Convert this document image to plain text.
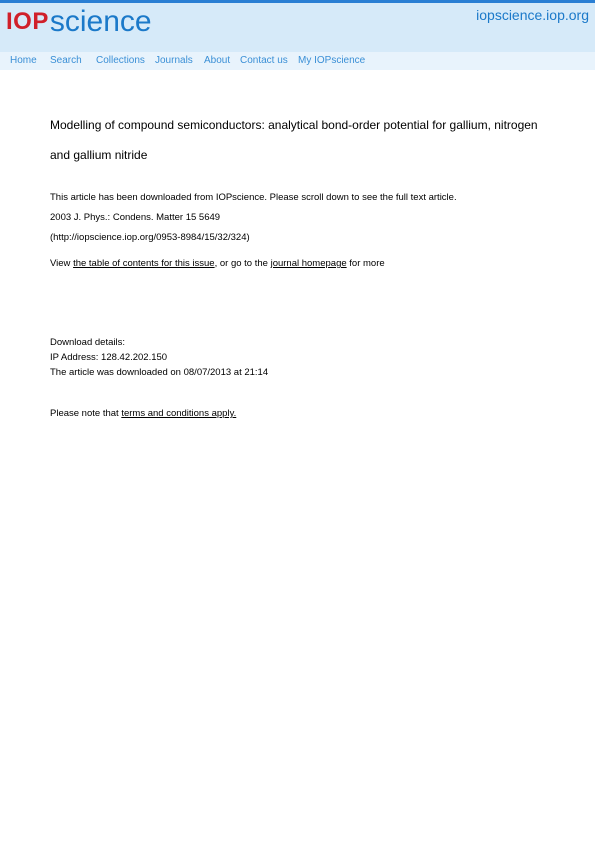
IOP science	iopscience.iop.org
Home Search Collections Journals About Contact us My IOPscience
Modelling of compound semiconductors: analytical bond-order potential for gallium, nitrogen and gallium nitride
This article has been downloaded from IOPscience. Please scroll down to see the full text article.
2003 J. Phys.: Condens. Matter 15 5649
(http://iopscience.iop.org/0953-8984/15/32/324)
View the table of contents for this issue, or go to the journal homepage for more
Download details:
IP Address: 128.42.202.150
The article was downloaded on 08/07/2013 at 21:14
Please note that terms and conditions apply.
